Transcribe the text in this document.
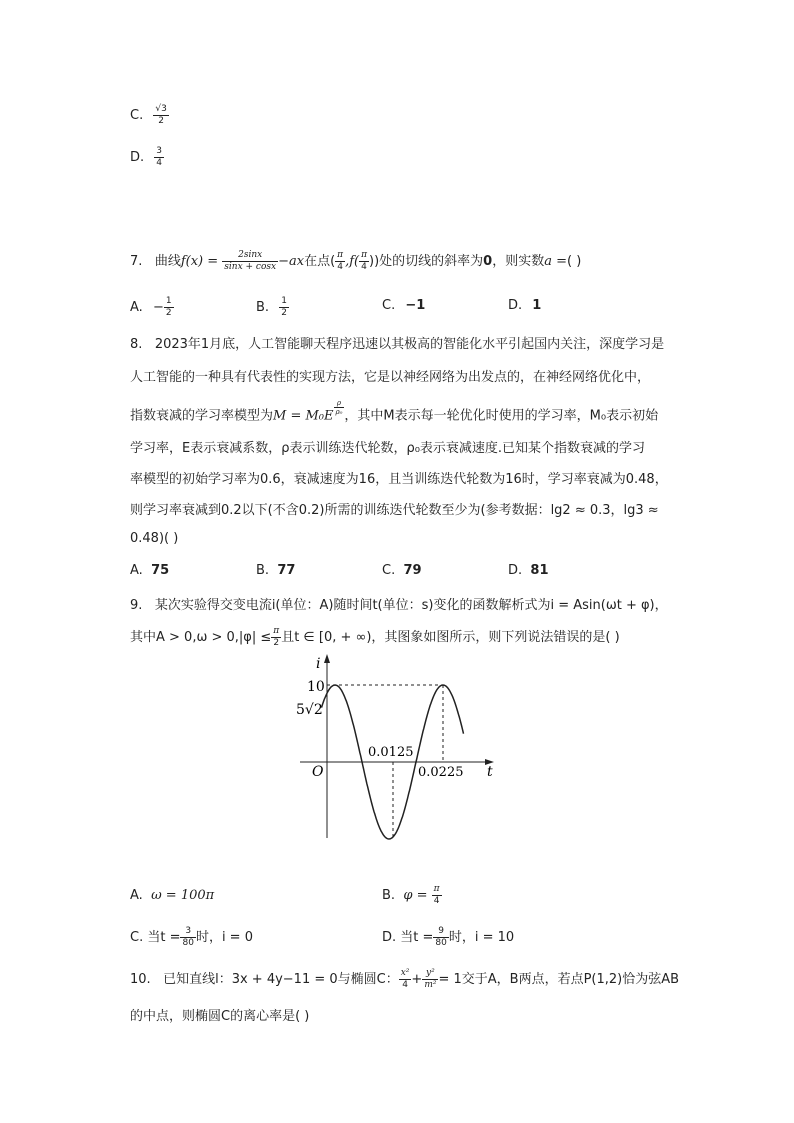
C. $\frac{√3}{2}$
D. $\frac{3}{4}$
7. 曲线$f(x) = \frac{2\sin x}{\sin x + \cos x} -ax$在点( $\frac{\pi}{4} ,f( \frac{\pi}{4}$ ))处的切线的斜率为0，则实数a =( )
A. − $\frac{1}{2}$	B. $\frac{1}{2}$	C. −1	D. 1
8. 2023年1月底，人工智能聊天程序迅速以其极高的智能化水平引起国内关注，深度学习是
人工智能的一种具有代表性的实现方法，它是以神经网络为出发点的，在神经网络优化中，
指数衰减的学习率模型为$M = M_0E \frac{\rho}{\text{ρ₀}}$ ，其中M表示每一轮优化时使用的学习率，M₀表示初始
学习率，E表示衰减系数，ρ表示训练迭代轮数，ρ₀表示衰减速度.已知某个指数衰减的学习
率模型的初始学习率为0.6，衰减速度为16，且当训练迭代轮数为16时，学习率衰减为0.48，
则学习率衰减到0.2以下(不含0.2)所需的训练迭代轮数至少为(参考数据：lg2 ≈ 0.3，lg3 ≈
0.48)( )
A. 75	B. 77	C. 79	D. 81
9. 某次实验得交变电流i(单位：A)随时间t(单位：s)变化的函数解析式为i = Asin(ωt + φ)，
其中$A > 0,\omega > 0,|\varphi| \le \frac{\pi}{2}$ 且t ∈ [0, + ∞)，其图象如图所示，则下列说法错误的是( )
i
t
O
10
5√2
0.0125
0.0225
A. ω = 100π	B. $\varphi = \frac{\pi}{4}$
C. 当$t = \frac{3}{80}$ 时，i = 0	D. 当$t = \frac{9}{80}$ 时，i = 10
10. 已知直线l：3x + 4y−11 = 0与椭圆C： $\frac{\text{x²}}{4} + \frac{\text{y²}}{\text{m²}} = 1$交于A，B两点，若点P(1,2)恰为弦AB
的中点，则椭圆C的离心率是( )
